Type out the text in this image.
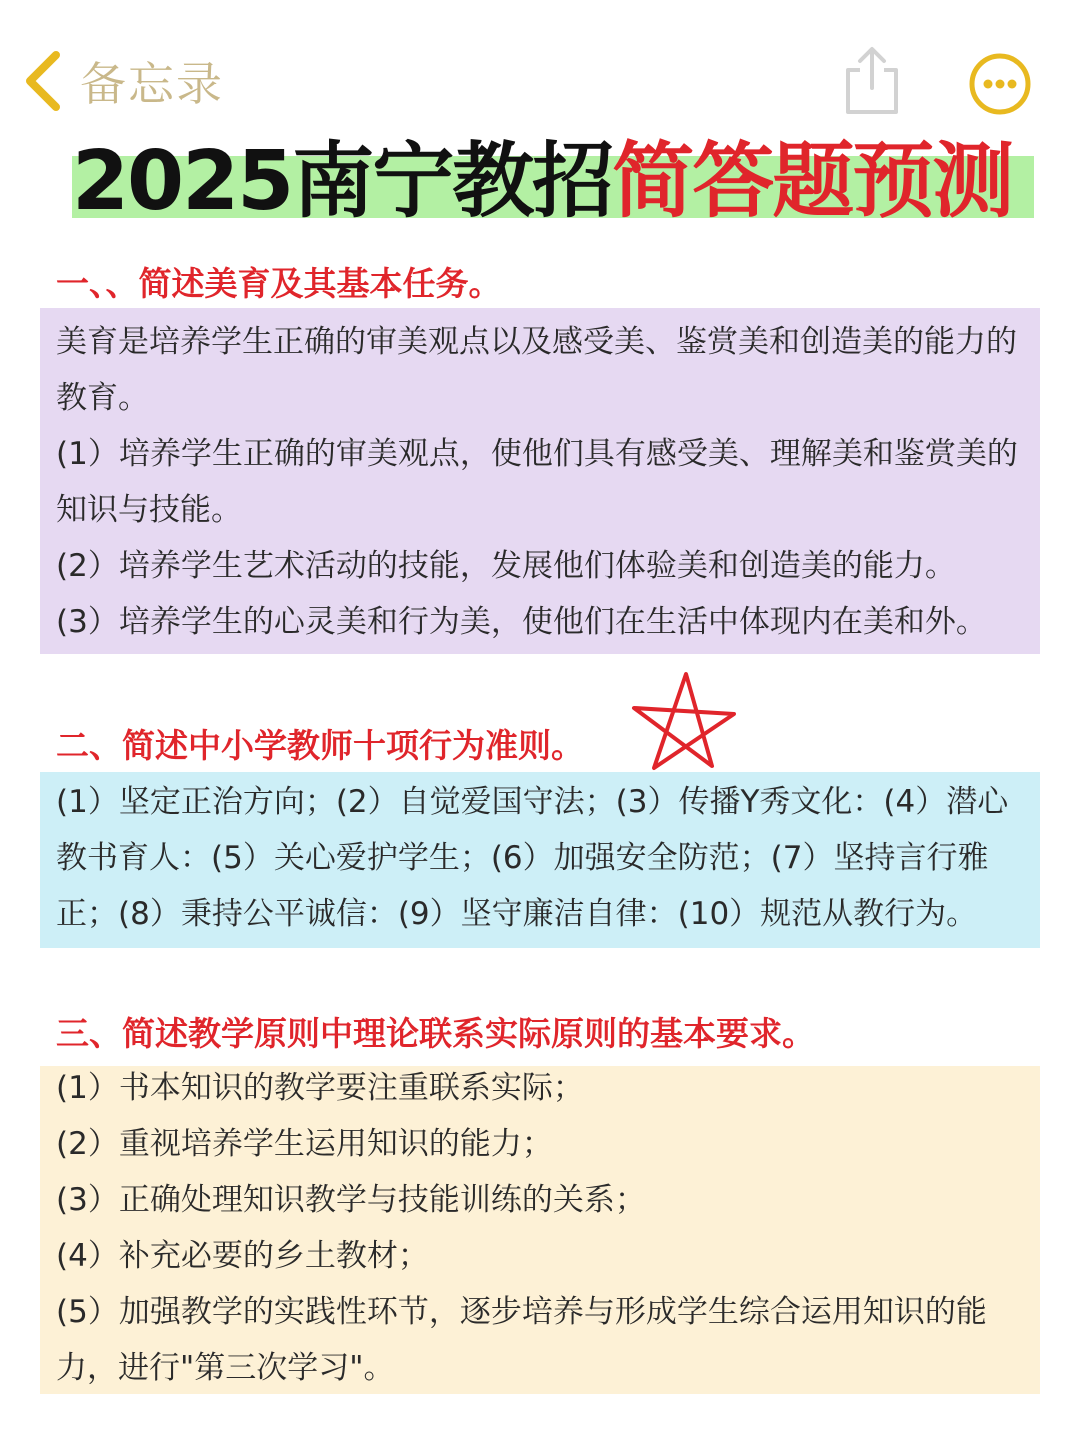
备忘录
2025南宁教招 简答题预测
一、、简述美育及其基本任务。
美育是培养学生正确的审美观点以及感受美、鉴赏美和创造美的能力的
教育。
(1）培养学生正确的审美观点，使他们具有感受美、理解美和鉴赏美的
知识与技能。
(2）培养学生艺术活动的技能，发展他们体验美和创造美的能力。
(3）培养学生的心灵美和行为美，使他们在生活中体现内在美和外。
二、简述中小学教师十项行为准则。
(1）坚定正治方向；(2）自觉爱国守法；(3）传播Y秀文化：(4）潜心
教书育人：(5）关心爱护学生；(6）加强安全防范；(7）坚持言行雅
正；(8）秉持公平诚信：(9）坚守廉洁自律：(10）规范从教行为。
三、简述教学原则中理论联系实际原则的基本要求。
(1）书本知识的教学要注重联系实际；
(2）重视培养学生运用知识的能力；
(3）正确处理知识教学与技能训练的关系；
(4）补充必要的乡土教材；
(5）加强教学的实践性环节，逐步培养与形成学生综合运用知识的能
力，进行"第三次学习"。
